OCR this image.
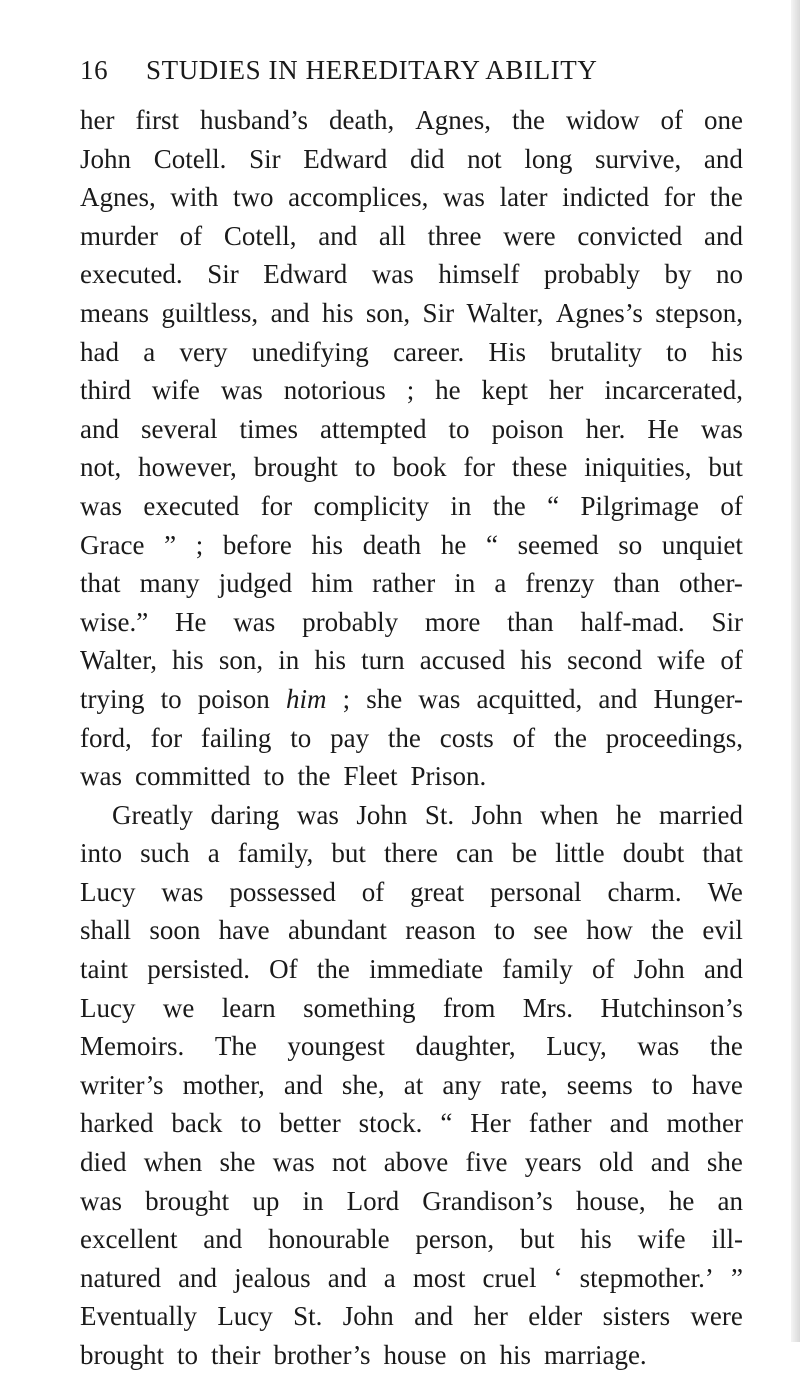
16 STUDIES IN HEREDITARY ABILITY
her first husband’s death, Agnes, the widow of one
John Cotell. Sir Edward did not long survive, and
Agnes, with two accomplices, was later indicted for the
murder of Cotell, and all three were convicted and
executed. Sir Edward was himself probably by no
means guiltless, and his son, Sir Walter, Agnes’s stepson,
had a very unedifying career. His brutality to his
third wife was notorious ; he kept her incarcerated,
and several times attempted to poison her. He was
not, however, brought to book for these iniquities, but
was executed for complicity in the “ Pilgrimage of
Grace ” ; before his death he “ seemed so unquiet
that many judged him rather in a frenzy than other-
wise.” He was probably more than half-mad. Sir
Walter, his son, in his turn accused his second wife of
trying to poison him ; she was acquitted, and Hunger-
ford, for failing to pay the costs of the proceedings,
was committed to the Fleet Prison.
Greatly daring was John St. John when he married
into such a family, but there can be little doubt that
Lucy was possessed of great personal charm. We
shall soon have abundant reason to see how the evil
taint persisted. Of the immediate family of John and
Lucy we learn something from Mrs. Hutchinson’s
Memoirs. The youngest daughter, Lucy, was the
writer’s mother, and she, at any rate, seems to have
harked back to better stock. “ Her father and mother
died when she was not above five years old and she
was brought up in Lord Grandison’s house, he an
excellent and honourable person, but his wife ill-
natured and jealous and a most cruel ‘ stepmother.’ ”
Eventually Lucy St. John and her elder sisters were
brought to their brother’s house on his marriage.
